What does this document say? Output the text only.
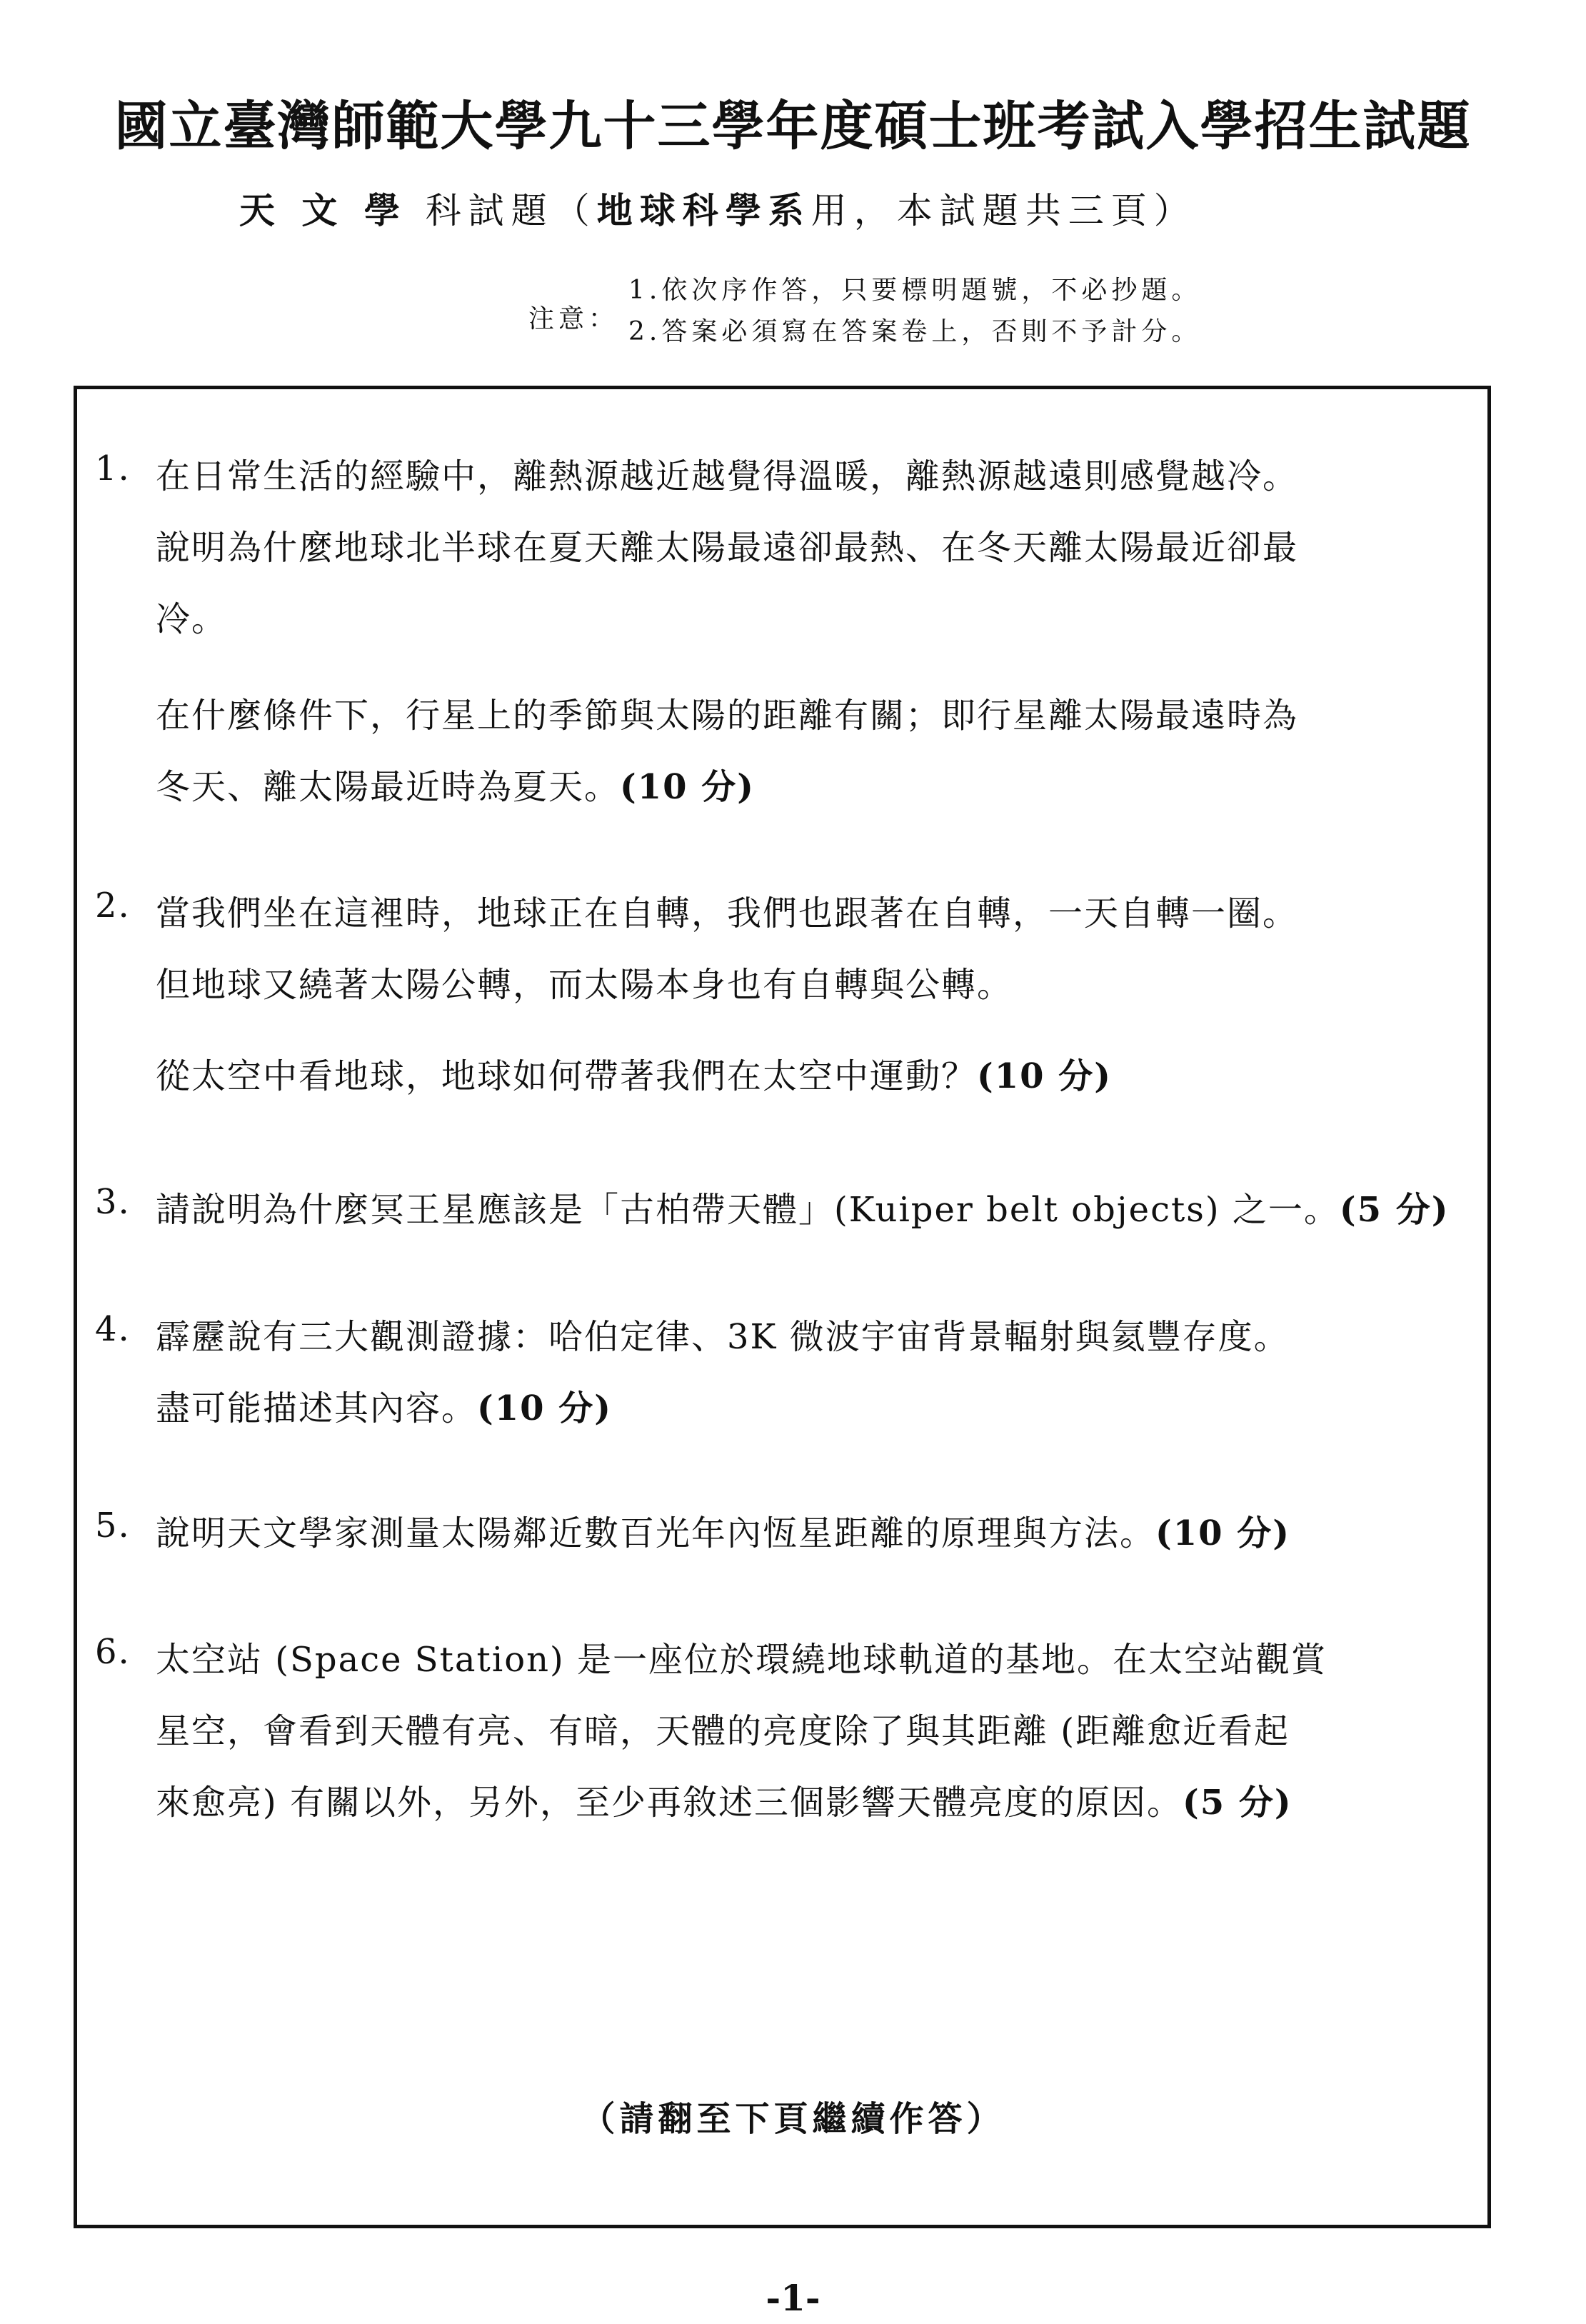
國立臺灣師範大學九十三學年度碩士班考試入學招生試題
天 文 學 科試題（地球科學系用，本試題共三頁）
注意：
1.依次序作答，只要標明題號，不必抄題。
2.答案必須寫在答案卷上，否則不予計分。
1. 在日常生活的經驗中，離熱源越近越覺得溫暖，離熱源越遠則感覺越冷。
說明為什麼地球北半球在夏天離太陽最遠卻最熱、在冬天離太陽最近卻最
冷。
在什麼條件下，行星上的季節與太陽的距離有關；即行星離太陽最遠時為
冬天、離太陽最近時為夏天。(10 分)
2. 當我們坐在這裡時，地球正在自轉，我們也跟著在自轉，一天自轉一圈。
但地球又繞著太陽公轉，而太陽本身也有自轉與公轉。
從太空中看地球，地球如何帶著我們在太空中運動？(10 分)
3. 請說明為什麼冥王星應該是「古柏帶天體」(Kuiper belt objects) 之一。(5 分)
4. 霹靂說有三大觀測證據：哈伯定律、3K 微波宇宙背景輻射與氦豐存度。
盡可能描述其內容。(10 分)
5. 說明天文學家測量太陽鄰近數百光年內恆星距離的原理與方法。(10 分)
6. 太空站 (Space Station) 是一座位於環繞地球軌道的基地。在太空站觀賞
星空，會看到天體有亮、有暗，天體的亮度除了與其距離 (距離愈近看起
來愈亮) 有關以外，另外，至少再敘述三個影響天體亮度的原因。(5 分)
（請翻至下頁繼續作答）
-1-
